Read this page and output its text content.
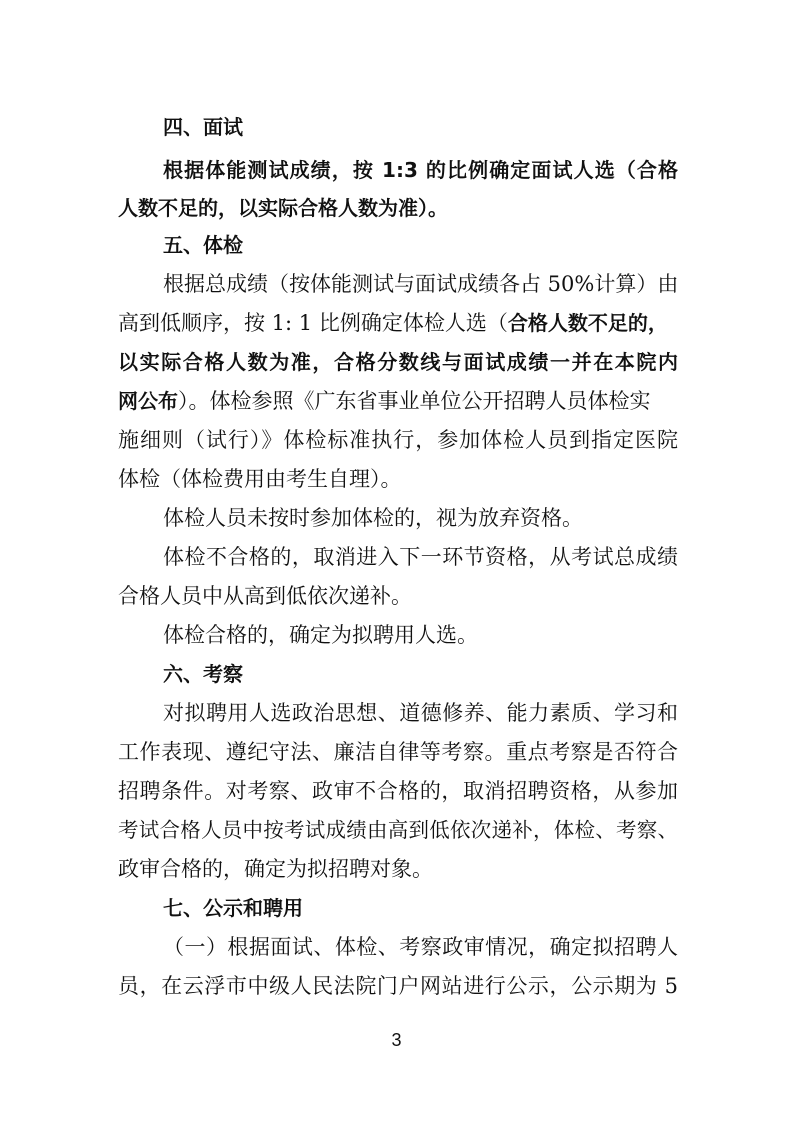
四、面试
根据体能测试成绩，按 1:3 的比例确定面试人选（合格
人数不足的，以实际合格人数为准）。
五、体检
根据总成绩（按体能测试与面试成绩各占 50%计算）由
高到低顺序，按 1: 1 比例确定体检人选（合格人数不足的，
以实际合格人数为准，合格分数线与面试成绩一并在本院内
网公布）。体检参照《广东省事业单位公开招聘人员体检实
施细则（试行）》体检标准执行，参加体检人员到指定医院
体检（体检费用由考生自理）。
体检人员未按时参加体检的，视为放弃资格。
体检不合格的，取消进入下一环节资格，从考试总成绩
合格人员中从高到低依次递补。
体检合格的，确定为拟聘用人选。
六、考察
对拟聘用人选政治思想、道德修养、能力素质、学习和
工作表现、遵纪守法、廉洁自律等考察。重点考察是否符合
招聘条件。对考察、政审不合格的，取消招聘资格，从参加
考试合格人员中按考试成绩由高到低依次递补，体检、考察、
政审合格的，确定为拟招聘对象。
七、公示和聘用
（一）根据面试、体检、考察政审情况，确定拟招聘人
员，在云浮市中级人民法院门户网站进行公示，公示期为 5
3
